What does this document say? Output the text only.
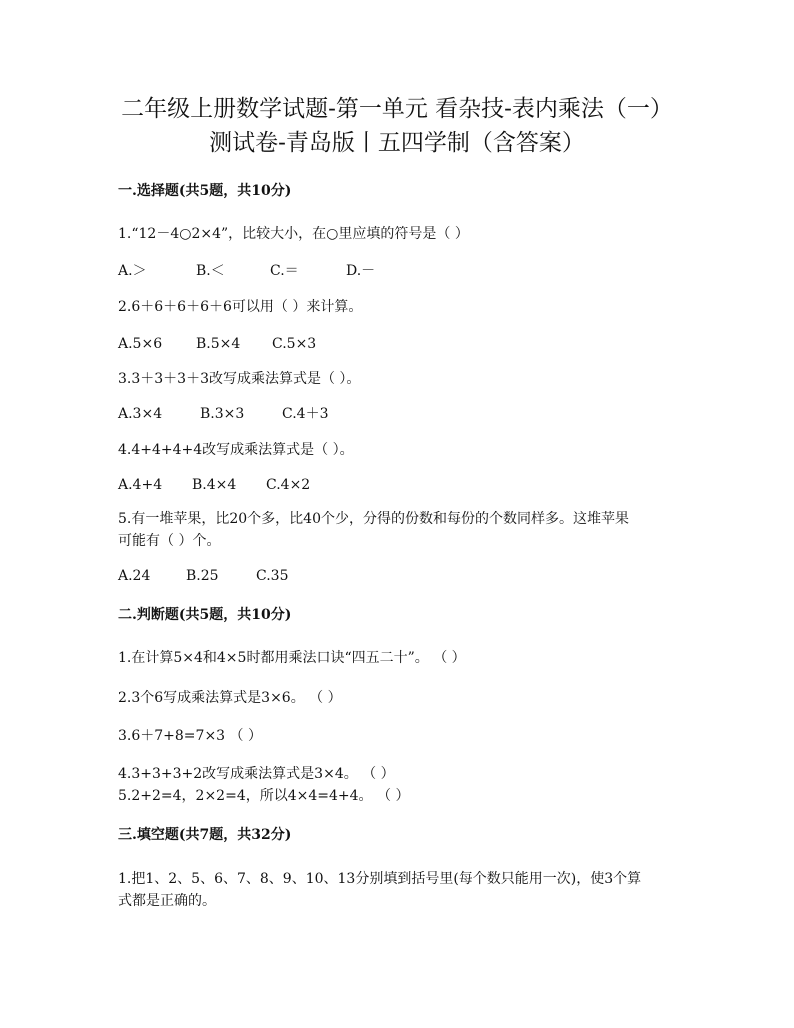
二年级上册数学试题-第一单元 看杂技-表内乘法（一）
测试卷-青岛版丨五四学制（含答案）
一.选择题(共5题，共10分)
1.“12－4○2×4”，比较大小，在○里应填的符号是（ ）
A.＞	B.＜	C.＝	D.－
2.6＋6＋6＋6＋6可以用（ ）来计算。
A.5×6 B.5×4 C.5×3
3.3＋3＋3＋3改写成乘法算式是（ ）。
A.3×4	B.3×3	C.4＋3
4.4+4+4+4改写成乘法算式是（ ）。
A.4+4 B.4×4 C.4×2
5.有一堆苹果，比20个多，比40个少，分得的份数和每份的个数同样多。这堆苹果
可能有（ ）个。
A.24	B.25	C.35
二.判断题(共5题，共10分)
1.在计算5×4和4×5时都用乘法口诀“四五二十”。 （ ）
2.3个6写成乘法算式是3×6。 （ ）
3.6＋7+8=7×3 （ ）
4.3+3+3+2改写成乘法算式是3×4。 （ ）
5.2+2=4，2×2=4，所以4×4=4+4。 （ ）
三.填空题(共7题，共32分)
1.把1、2、5、6、7、8、9、10、13分别填到括号里(每个数只能用一次)，使3个算
式都是正确的。
